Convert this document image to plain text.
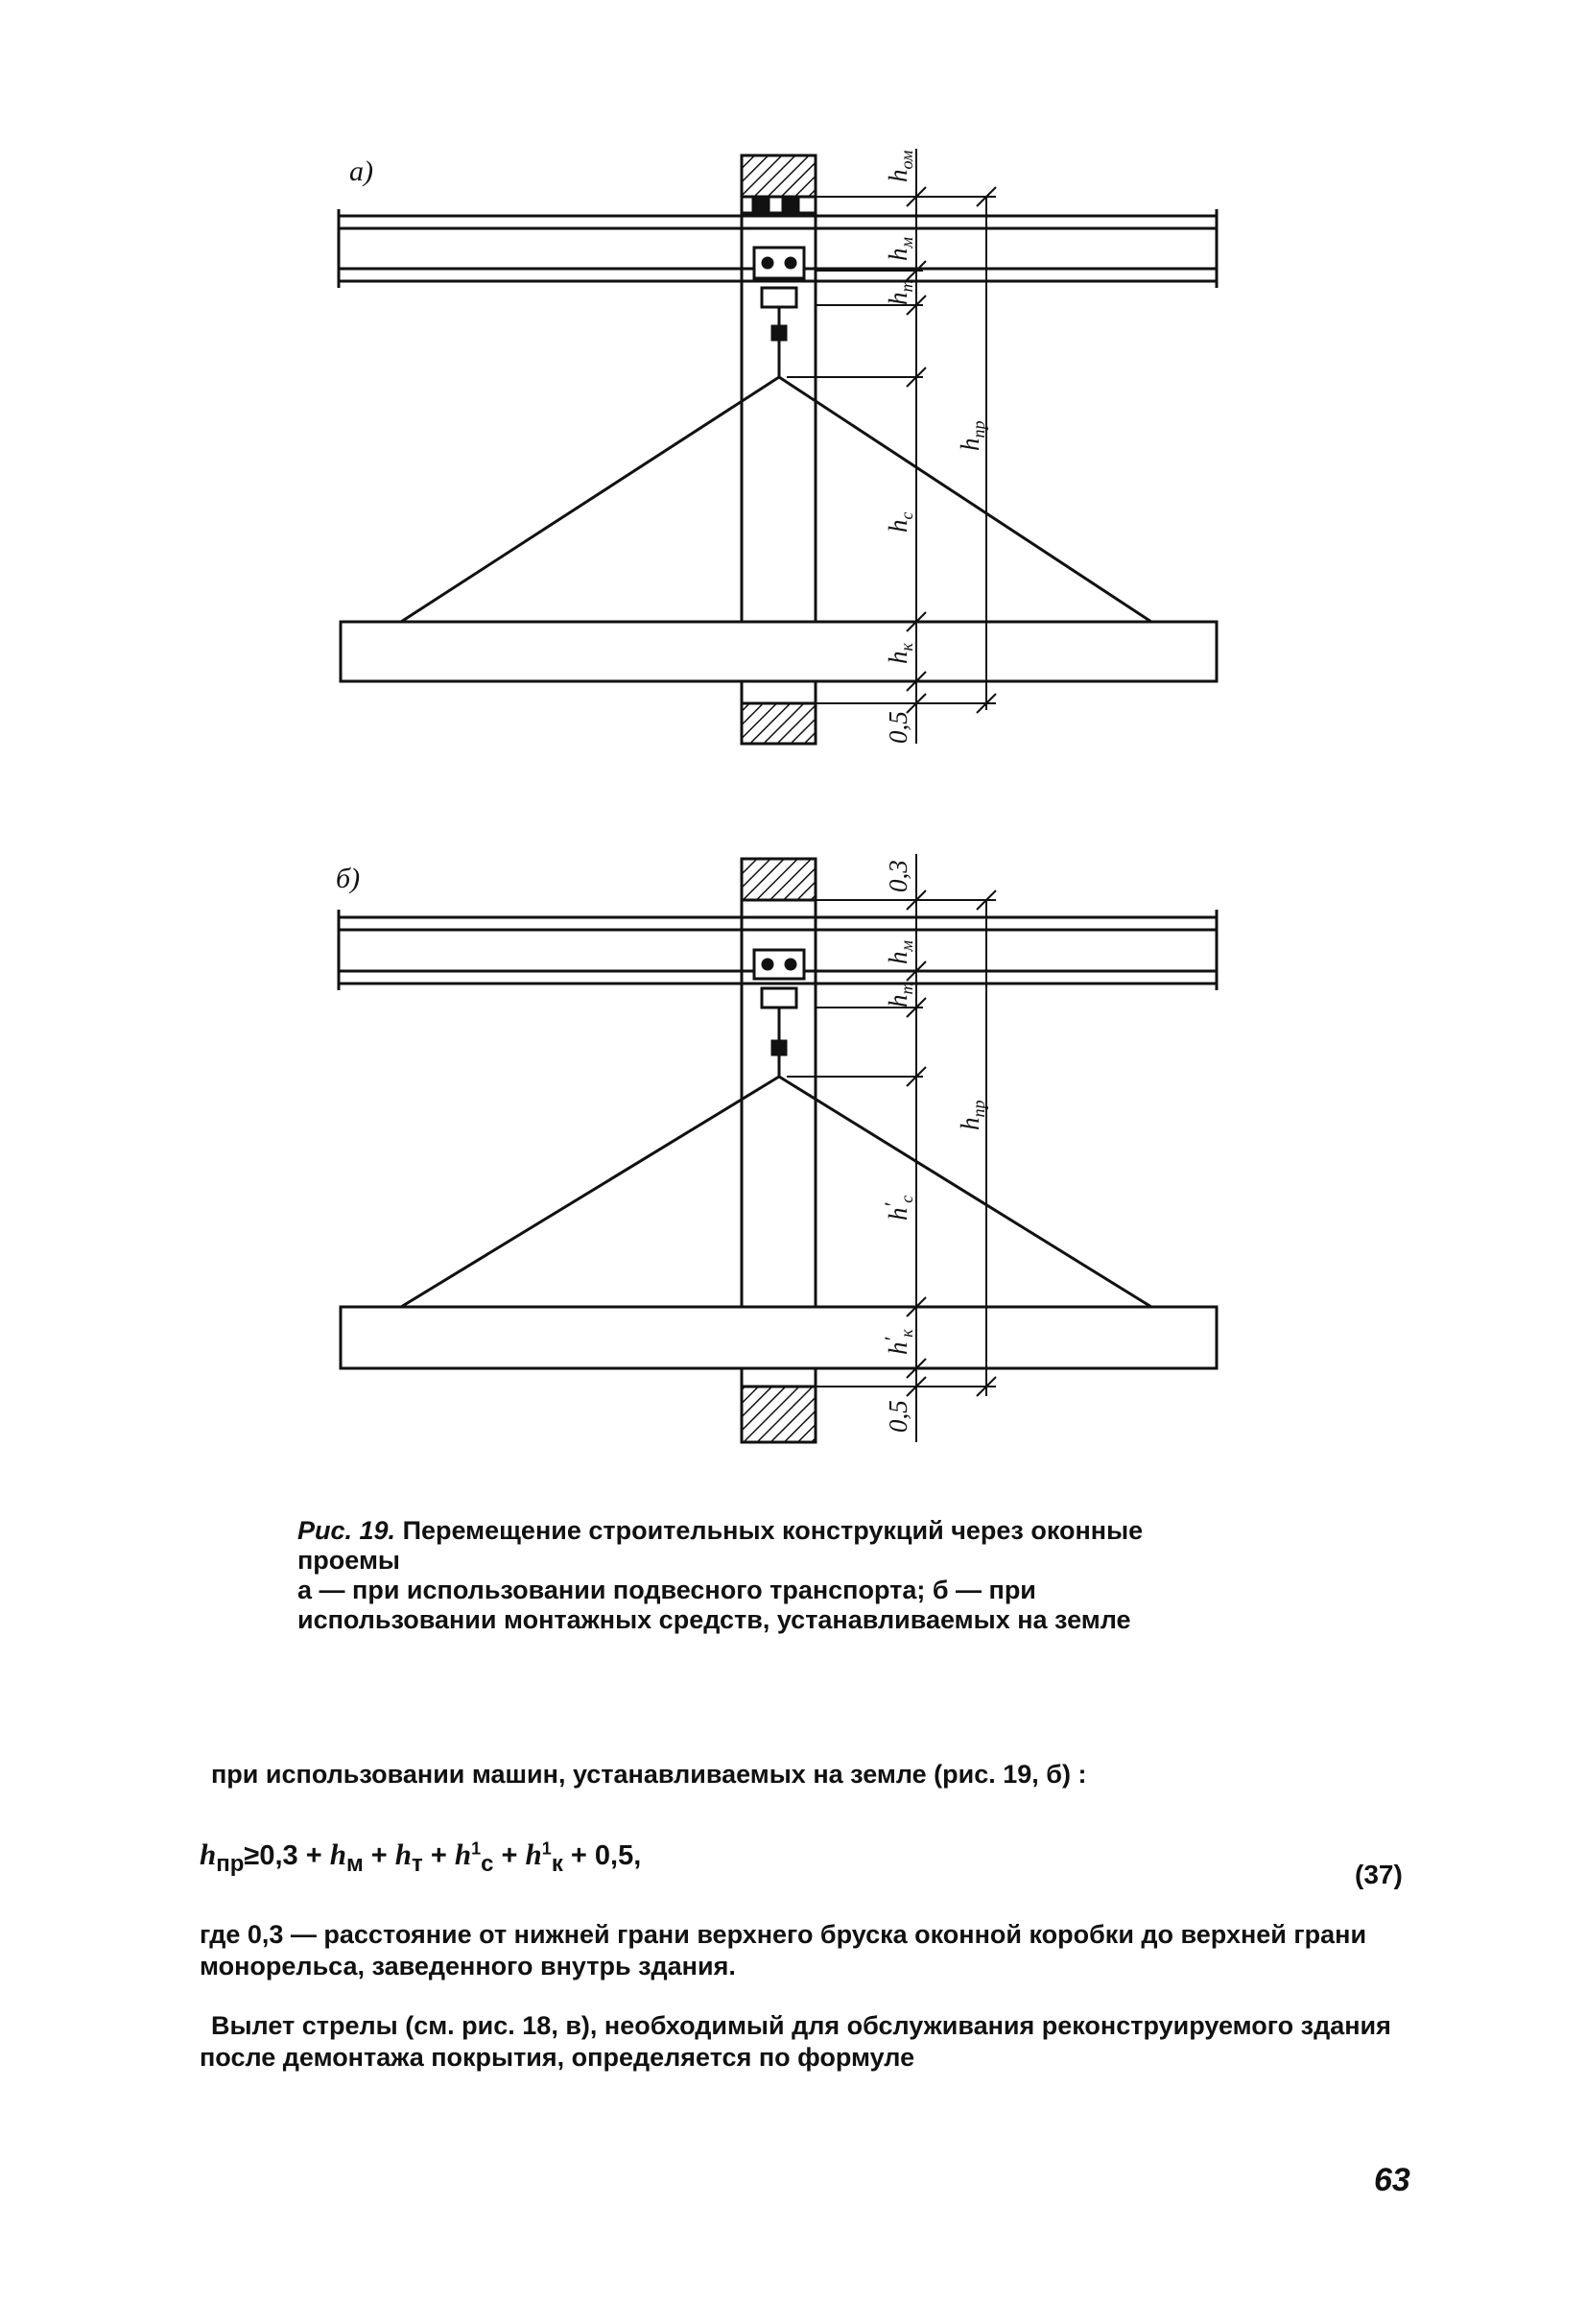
а)	$h_{ом}$
$h_м$
$h_т$
$h_c$
$h_к$
0,5
$h_{пр}$
б)	0,3
$h_м$
$h_т$
$h'_c$
$h'_к$
0,5
$h_{пр}$

Рис. 19. Перемещение строительных конструкций через оконные проемы

а — при использовании подвесного транспорта; б — при использовании монтажных средств, устанавливаемых на земле

при использовании машин, устанавливаемых на земле (рис. 19, б) :
$h_{пр}\ge 0,3 + h_м + h_т + h^1_c + h^1_к + 0,5$,
(37)
где 0,3 — расстояние от нижней грани верхнего бруска оконной коробки до верхней грани монорельса, заведенного внутрь здания.
Вылет стрелы (см. рис. 18, в), необходимый для обслуживания реконструируемого здания после демонтажа покрытия, определяется по формуле
63
